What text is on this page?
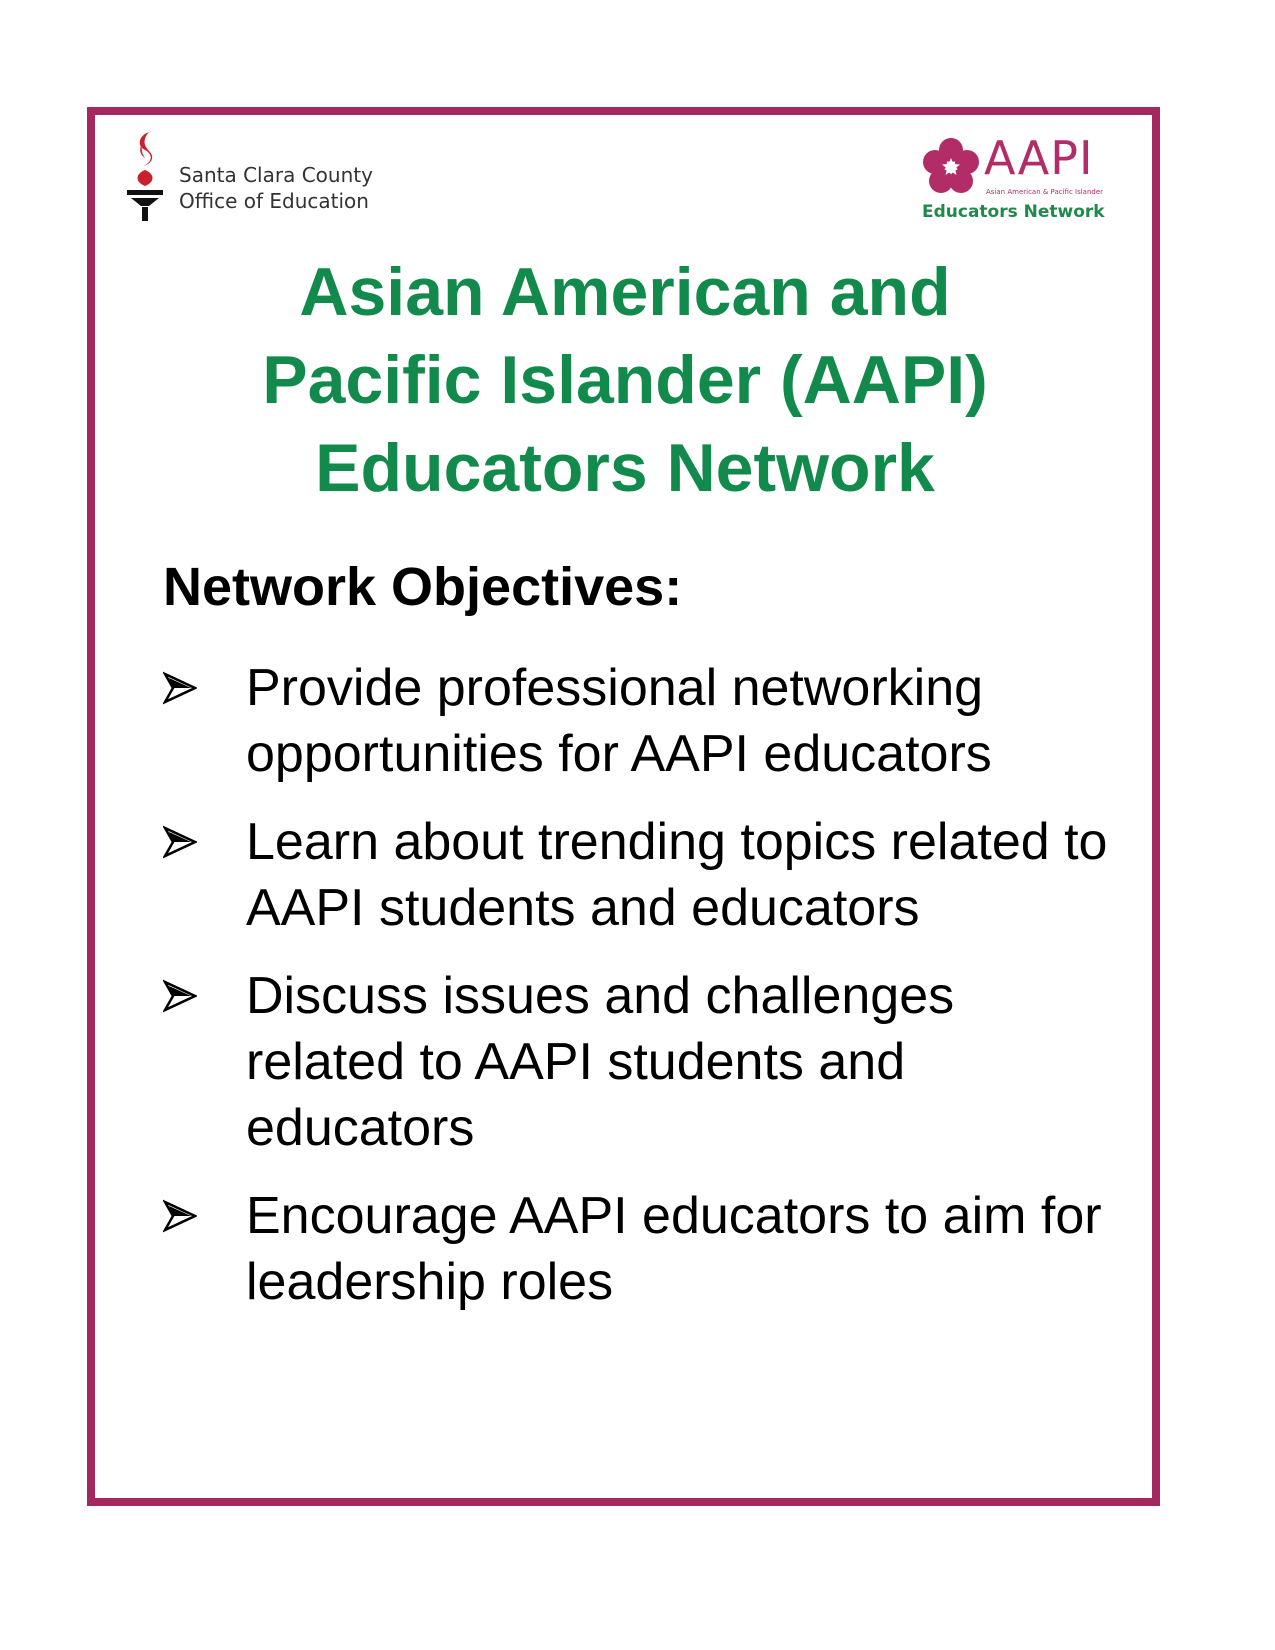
Santa Clara County
Office of Education
AAPI
Asian American & Pacific Islander
Educators Network
Asian American and
Pacific Islander (AAPI)
Educators Network
Network Objectives:
Provide professional networking opportunities for AAPI educators
Learn about trending topics related to AAPI students and educators
Discuss issues and challenges related to AAPI students and educators
Encourage AAPI educators to aim for leadership roles
